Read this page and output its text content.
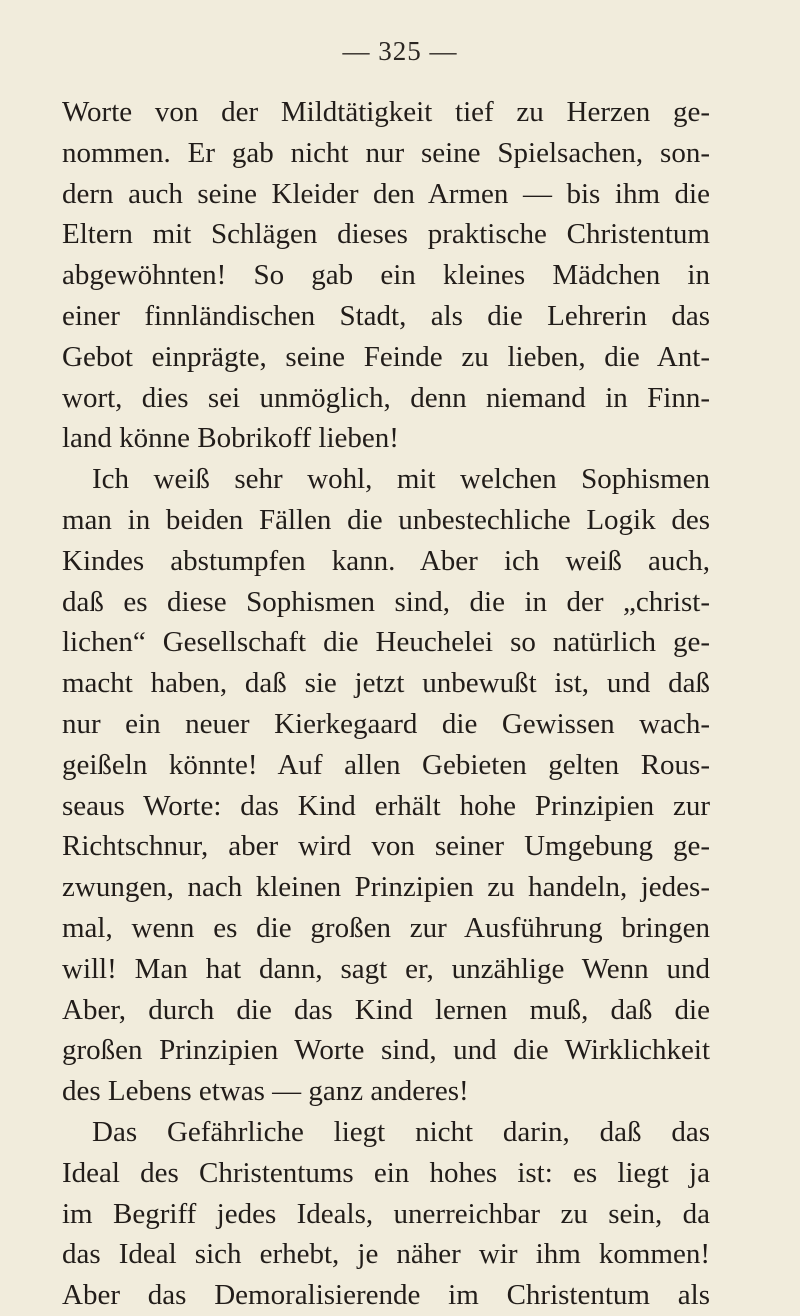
— 325 —
Worte von der Mildtätigkeit tief zu Herzen ge-
nommen. Er gab nicht nur seine Spielsachen, son-
dern auch seine Kleider den Armen — bis ihm die
Eltern mit Schlägen dieses praktische Christentum
abgewöhnten! So gab ein kleines Mädchen in
einer finnländischen Stadt, als die Lehrerin das
Gebot einprägte, seine Feinde zu lieben, die Ant-
wort, dies sei unmöglich, denn niemand in Finn-
land könne Bobrikoff lieben!
Ich weiß sehr wohl, mit welchen Sophismen
man in beiden Fällen die unbestechliche Logik des
Kindes abstumpfen kann. Aber ich weiß auch,
daß es diese Sophismen sind, die in der „christ-
lichen“ Gesellschaft die Heuchelei so natürlich ge-
macht haben, daß sie jetzt unbewußt ist, und daß
nur ein neuer Kierkegaard die Gewissen wach-
geißeln könnte! Auf allen Gebieten gelten Rous-
seaus Worte: das Kind erhält hohe Prinzipien zur
Richtschnur, aber wird von seiner Umgebung ge-
zwungen, nach kleinen Prinzipien zu handeln, jedes-
mal, wenn es die großen zur Ausführung bringen
will! Man hat dann, sagt er, unzählige Wenn und
Aber, durch die das Kind lernen muß, daß die
großen Prinzipien Worte sind, und die Wirklichkeit
des Lebens etwas — ganz anderes!
Das Gefährliche liegt nicht darin, daß das
Ideal des Christentums ein hohes ist: es liegt ja
im Begriff jedes Ideals, unerreichbar zu sein, da
das Ideal sich erhebt, je näher wir ihm kommen!
Aber das Demoralisierende im Christentum als
